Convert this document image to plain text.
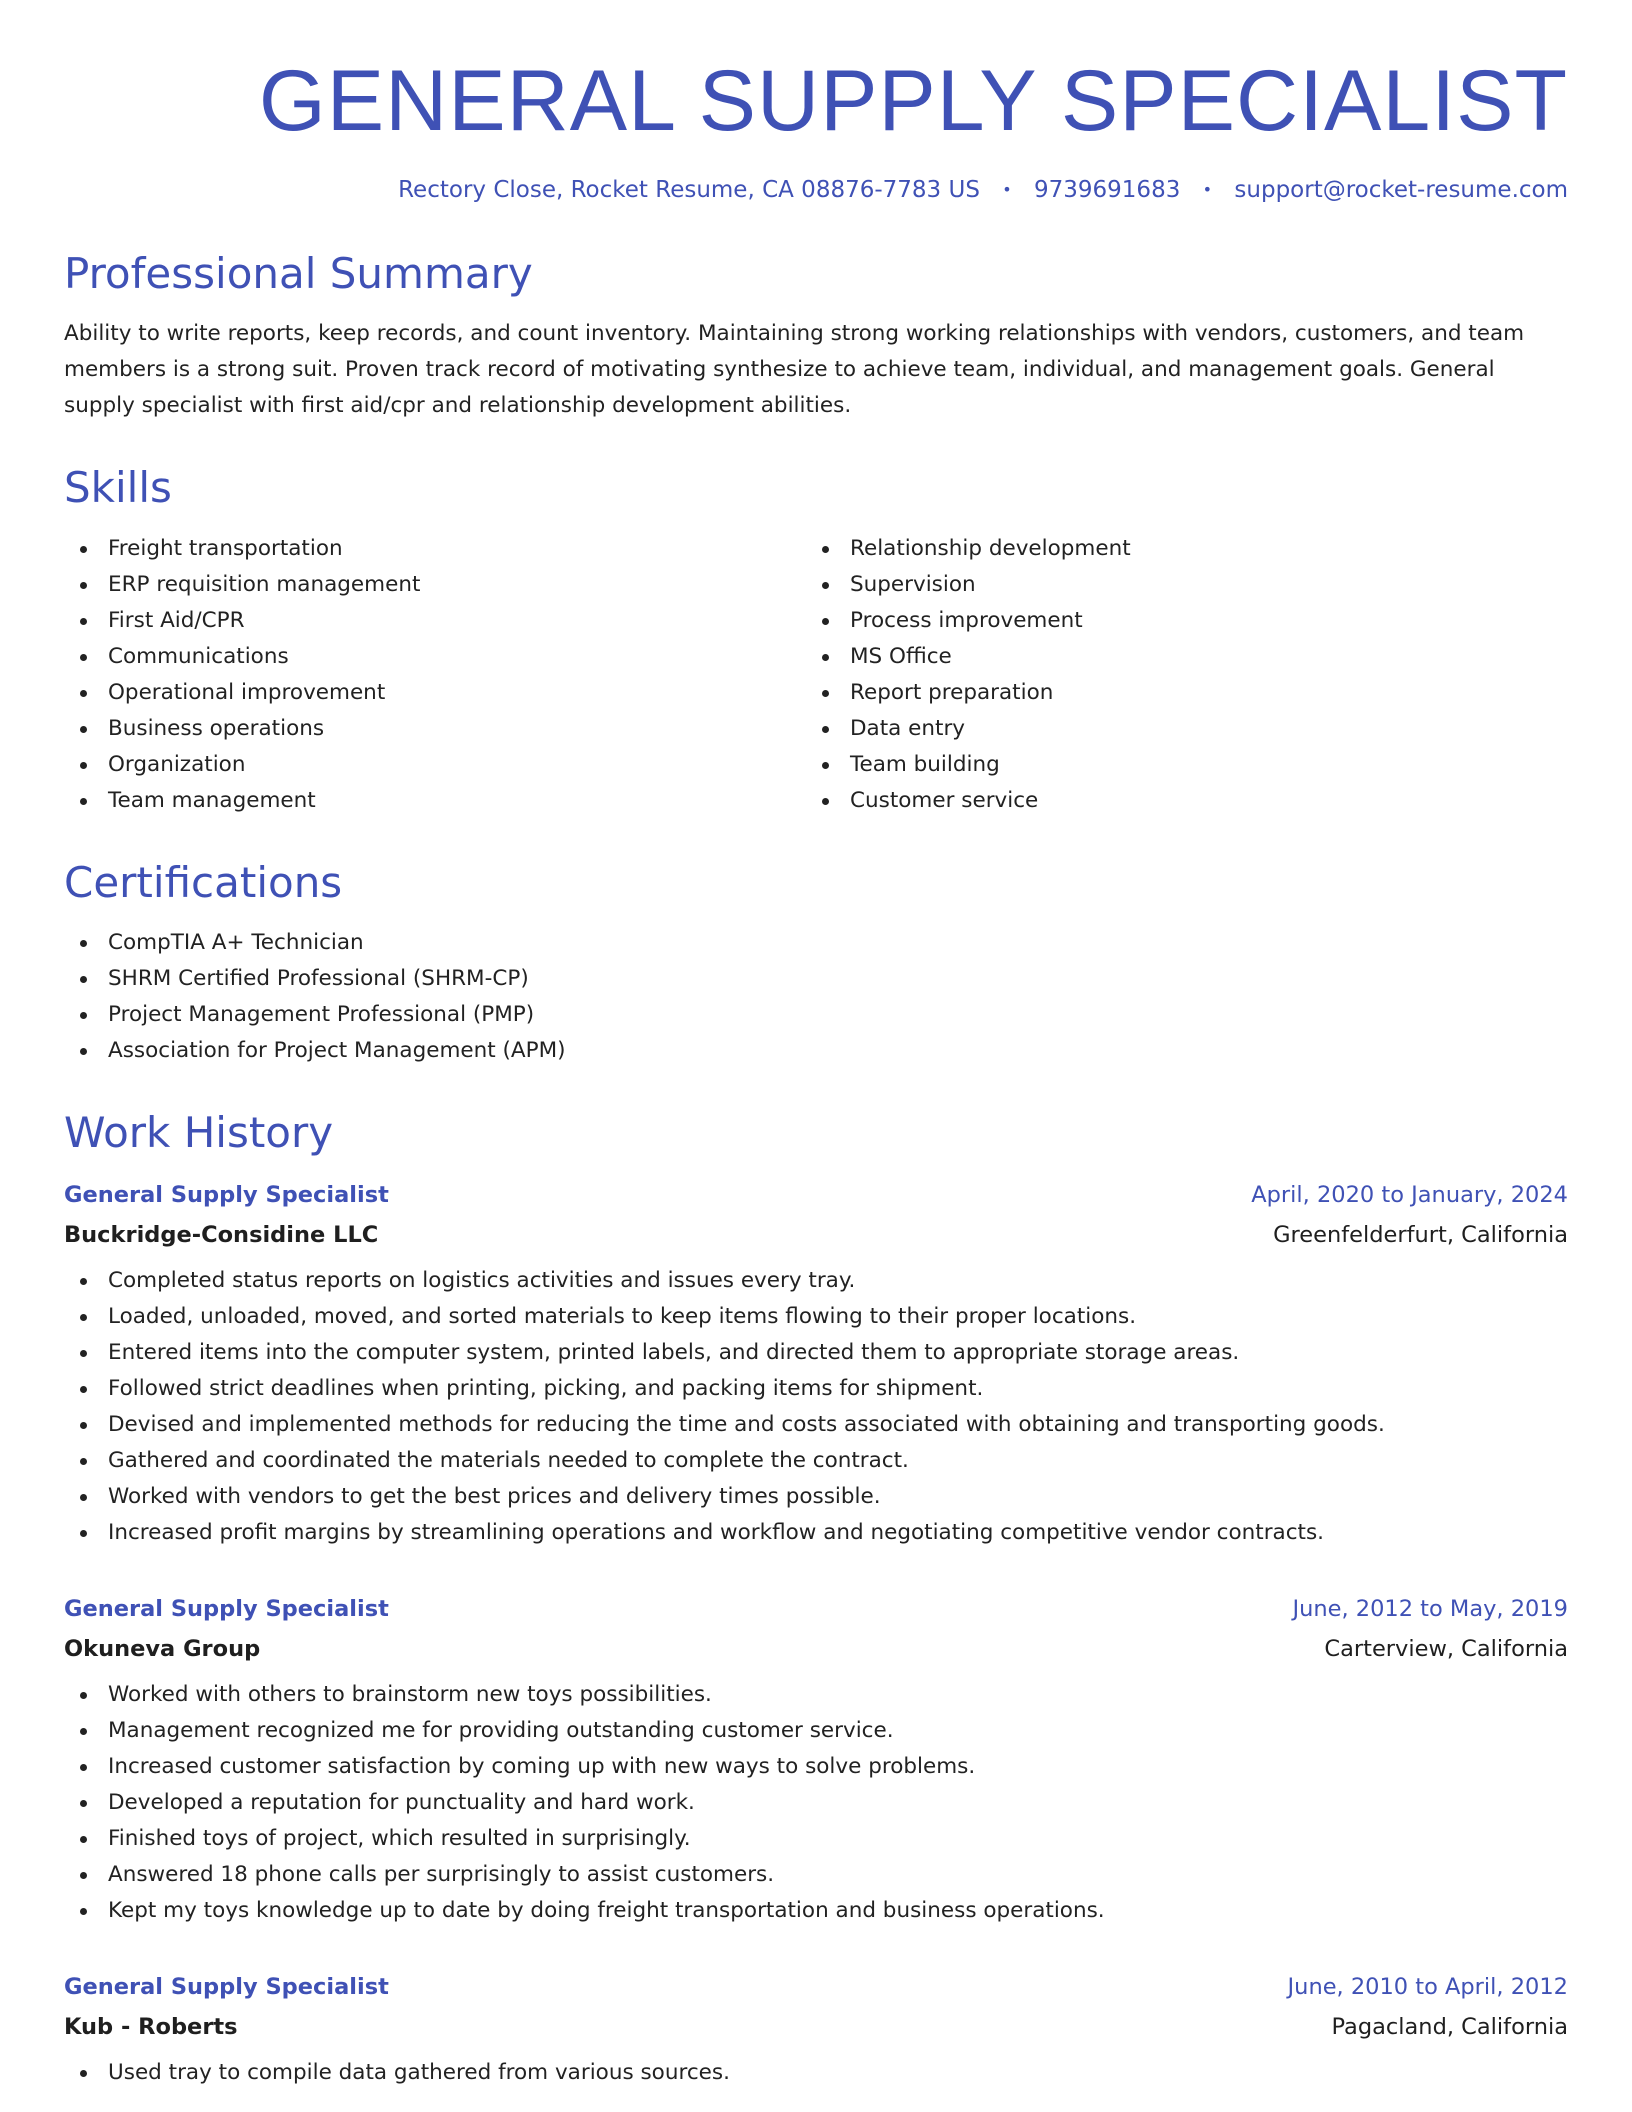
GENERAL SUPPLY SPECIALIST
Rectory Close, Rocket Resume, CA 08876-7783 US • 9739691683 • support@rocket-resume.com
Professional Summary

Ability to write reports, keep records, and count inventory. Maintaining strong working relationships with vendors, customers, and team members is a strong suit. Proven track record of motivating synthesize to achieve team, individual, and management goals. General supply specialist with first aid/cpr and relationship development abilities.

Skills
Freight transportation
ERP requisition management
First Aid/CPR
Communications
Operational improvement
Business operations
Organization
Team management
Relationship development
Supervision
Process improvement
MS Office
Report preparation
Data entry
Team building
Customer service
Certifications
CompTIA A+ Technician
SHRM Certified Professional (SHRM-CP)
Project Management Professional (PMP)
Association for Project Management (APM)
Work History
General Supply Specialist	April, 2020 to January, 2024
Buckridge-Considine LLC	Greenfelderfurt, California
Completed status reports on logistics activities and issues every tray.
Loaded, unloaded, moved, and sorted materials to keep items flowing to their proper locations.
Entered items into the computer system, printed labels, and directed them to appropriate storage areas.
Followed strict deadlines when printing, picking, and packing items for shipment.
Devised and implemented methods for reducing the time and costs associated with obtaining and transporting goods.
Gathered and coordinated the materials needed to complete the contract.
Worked with vendors to get the best prices and delivery times possible.
Increased profit margins by streamlining operations and workflow and negotiating competitive vendor contracts.
General Supply Specialist	June, 2012 to May, 2019
Okuneva Group	Carterview, California
Worked with others to brainstorm new toys possibilities.
Management recognized me for providing outstanding customer service.
Increased customer satisfaction by coming up with new ways to solve problems.
Developed a reputation for punctuality and hard work.
Finished toys of project, which resulted in surprisingly.
Answered 18 phone calls per surprisingly to assist customers.
Kept my toys knowledge up to date by doing freight transportation and business operations.
General Supply Specialist	June, 2010 to April, 2012
Kub - Roberts	Pagacland, California
Used tray to compile data gathered from various sources.
